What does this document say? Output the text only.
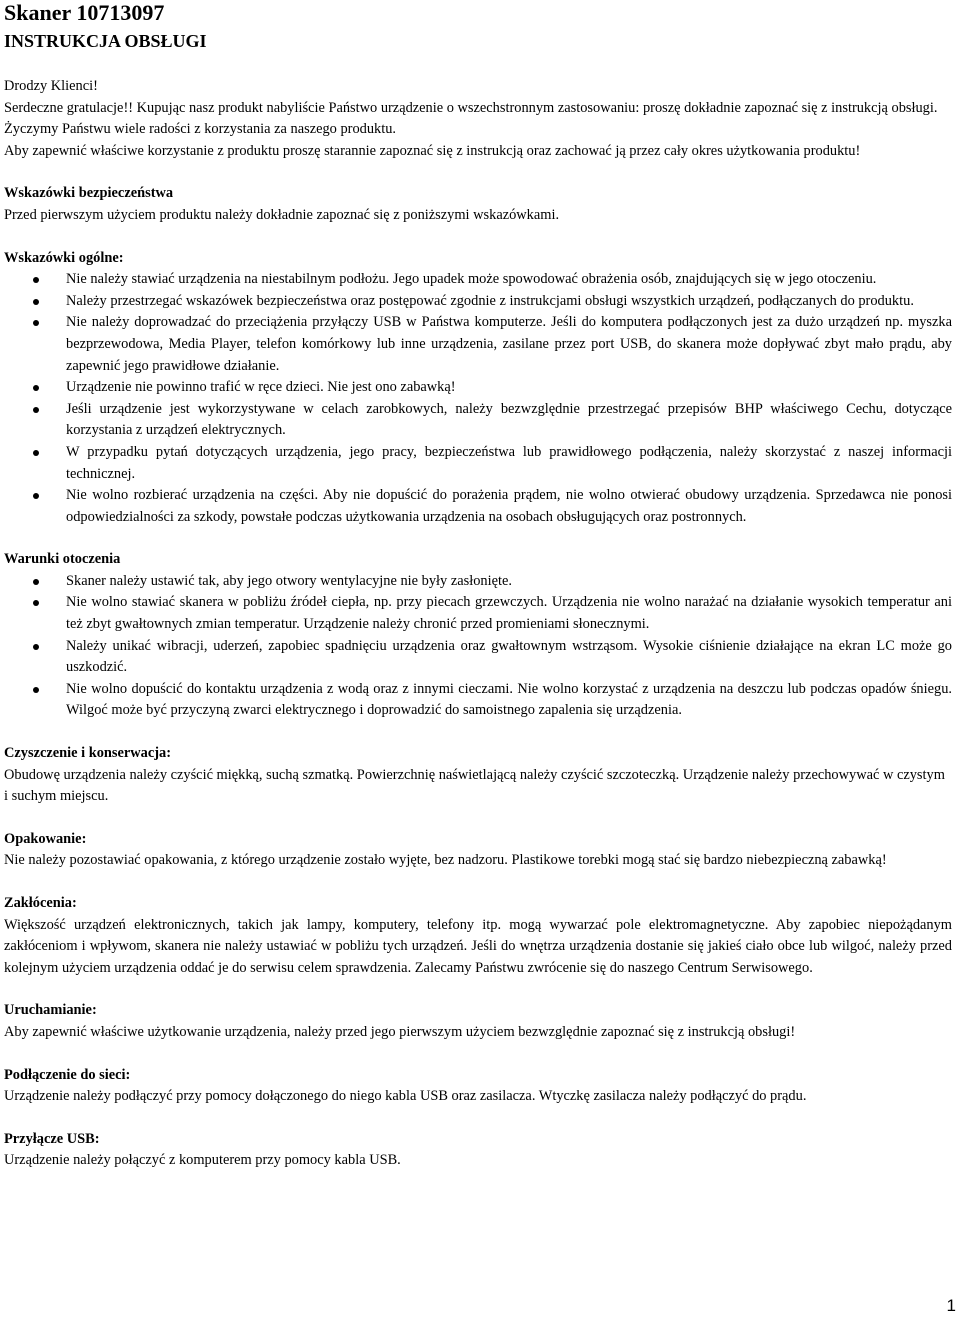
Skaner 10713097
INSTRUKCJA OBSŁUGI

Drodzy Klienci!

Serdeczne gratulacje!! Kupując nasz produkt nabyliście Państwo urządzenie o wszechstronnym zastosowaniu: proszę dokładnie zapoznać się z instrukcją obsługi.

Życzymy Państwu wiele radości z korzystania za naszego produktu.

Aby zapewnić właściwe korzystanie z produktu proszę starannie zapoznać się z instrukcją oraz zachować ją przez cały okres użytkowania produktu!

Wskazówki bezpieczeństwa

Przed pierwszym użyciem produktu należy dokładnie zapoznać się z poniższymi wskazówkami.

Wskazówki ogólne:
Nie należy stawiać urządzenia na niestabilnym podłożu. Jego upadek może spowodować obrażenia osób, znajdujących się w jego otoczeniu.
Należy przestrzegać wskazówek bezpieczeństwa oraz postępować zgodnie z instrukcjami obsługi wszystkich urządzeń, podłączanych do produktu.
Nie należy doprowadzać do przeciążenia przyłączy USB w Państwa komputerze. Jeśli do komputera podłączonych jest za dużo urządzeń np. myszka bezprzewodowa, Media Player, telefon komórkowy lub inne urządzenia, zasilane przez port USB, do skanera może dopływać zbyt mało prądu, aby zapewnić jego prawidłowe działanie.
Urządzenie nie powinno trafić w ręce dzieci. Nie jest ono zabawką!
Jeśli urządzenie jest wykorzystywane w celach zarobkowych, należy bezwzględnie przestrzegać przepisów BHP właściwego Cechu, dotyczące korzystania z urządzeń elektrycznych.
W przypadku pytań dotyczących urządzenia, jego pracy, bezpieczeństwa lub prawidłowego podłączenia, należy skorzystać z naszej informacji technicznej.
Nie wolno rozbierać urządzenia na części. Aby nie dopuścić do porażenia prądem, nie wolno otwierać obudowy urządzenia. Sprzedawca nie ponosi odpowiedzialności za szkody, powstałe podczas użytkowania urządzenia na osobach obsługujących oraz postronnych.
Warunki otoczenia
Skaner należy ustawić tak, aby jego otwory wentylacyjne nie były zasłonięte.
Nie wolno stawiać skanera w pobliżu źródeł ciepła, np. przy piecach grzewczych. Urządzenia nie wolno narażać na działanie wysokich temperatur ani też zbyt gwałtownych zmian temperatur. Urządzenie należy chronić przed promieniami słonecznymi.
Należy unikać wibracji, uderzeń, zapobiec spadnięciu urządzenia oraz gwałtownym wstrząsom. Wysokie ciśnienie działające na ekran LC może go uszkodzić.
Nie wolno dopuścić do kontaktu urządzenia z wodą oraz z innymi cieczami. Nie wolno korzystać z urządzenia na deszczu lub podczas opadów śniegu. Wilgoć może być przyczyną zwarci elektrycznego i doprowadzić do samoistnego zapalenia się urządzenia.
Czyszczenie i konserwacja:

Obudowę urządzenia należy czyścić miękką, suchą szmatką. Powierzchnię naświetlającą należy czyścić szczoteczką. Urządzenie należy przechowywać w czystym i suchym miejscu.

Opakowanie:

Nie należy pozostawiać opakowania, z którego urządzenie zostało wyjęte, bez nadzoru. Plastikowe torebki mogą stać się bardzo niebezpieczną zabawką!

Zakłócenia:

Większość urządzeń elektronicznych, takich jak lampy, komputery, telefony itp. mogą wywarzać pole elektromagnetyczne. Aby zapobiec niepożądanym zakłóceniom i wpływom, skanera nie należy ustawiać w pobliżu tych urządzeń. Jeśli do wnętrza urządzenia dostanie się jakieś ciało obce lub wilgoć, należy przed kolejnym użyciem urządzenia oddać je do serwisu celem sprawdzenia. Zalecamy Państwu zwrócenie się do naszego Centrum Serwisowego.

Uruchamianie:

Aby zapewnić właściwe użytkowanie urządzenia, należy przed jego pierwszym użyciem bezwzględnie zapoznać się z instrukcją obsługi!

Podłączenie do sieci:

Urządzenie należy podłączyć przy pomocy dołączonego do niego kabla USB oraz zasilacza. Wtyczkę zasilacza należy podłączyć do prądu.

Przyłącze USB:

Urządzenie należy połączyć z komputerem przy pomocy kabla USB.

1
